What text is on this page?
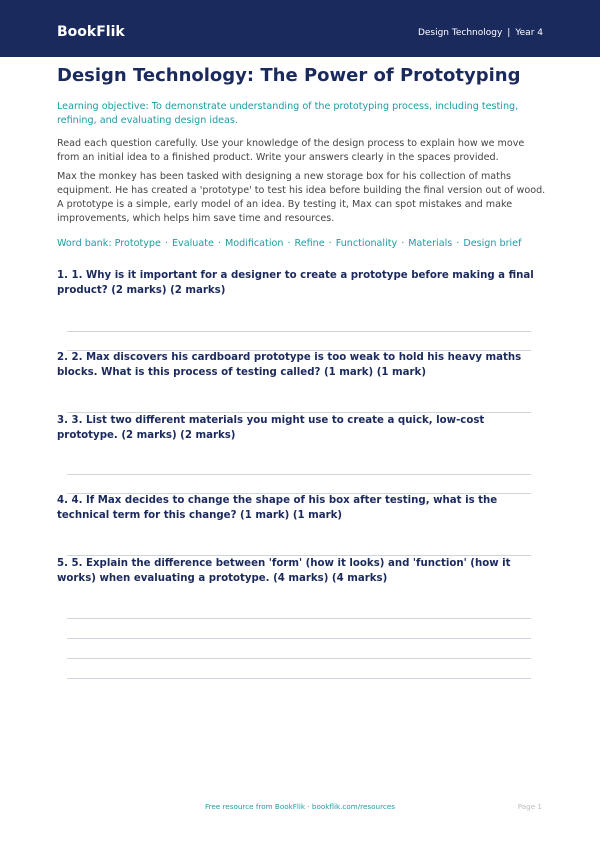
BookFlik	Design Technology | Year 4
Design Technology: The Power of Prototyping
Learning objective: To demonstrate understanding of the prototyping process, including testing, refining, and evaluating design ideas.
Read each question carefully. Use your knowledge of the design process to explain how we move from an initial idea to a finished product. Write your answers clearly in the spaces provided.
Max the monkey has been tasked with designing a new storage box for his collection of maths equipment. He has created a 'prototype' to test his idea before building the final version out of wood. A prototype is a simple, early model of an idea. By testing it, Max can spot mistakes and make improvements, which helps him save time and resources.
Word bank: Prototype · Evaluate · Modification · Refine · Functionality · Materials · Design brief
1. 1. Why is it important for a designer to create a prototype before making a final product? (2 marks) (2 marks)
2. 2. Max discovers his cardboard prototype is too weak to hold his heavy maths blocks. What is this process of testing called? (1 mark) (1 mark)
3. 3. List two different materials you might use to create a quick, low-cost prototype. (2 marks) (2 marks)
4. 4. If Max decides to change the shape of his box after testing, what is the technical term for this change? (1 mark) (1 mark)
5. 5. Explain the difference between 'form' (how it looks) and 'function' (how it works) when evaluating a prototype. (4 marks) (4 marks)
Free resource from BookFlik · bookflik.com/resources	Page 1
